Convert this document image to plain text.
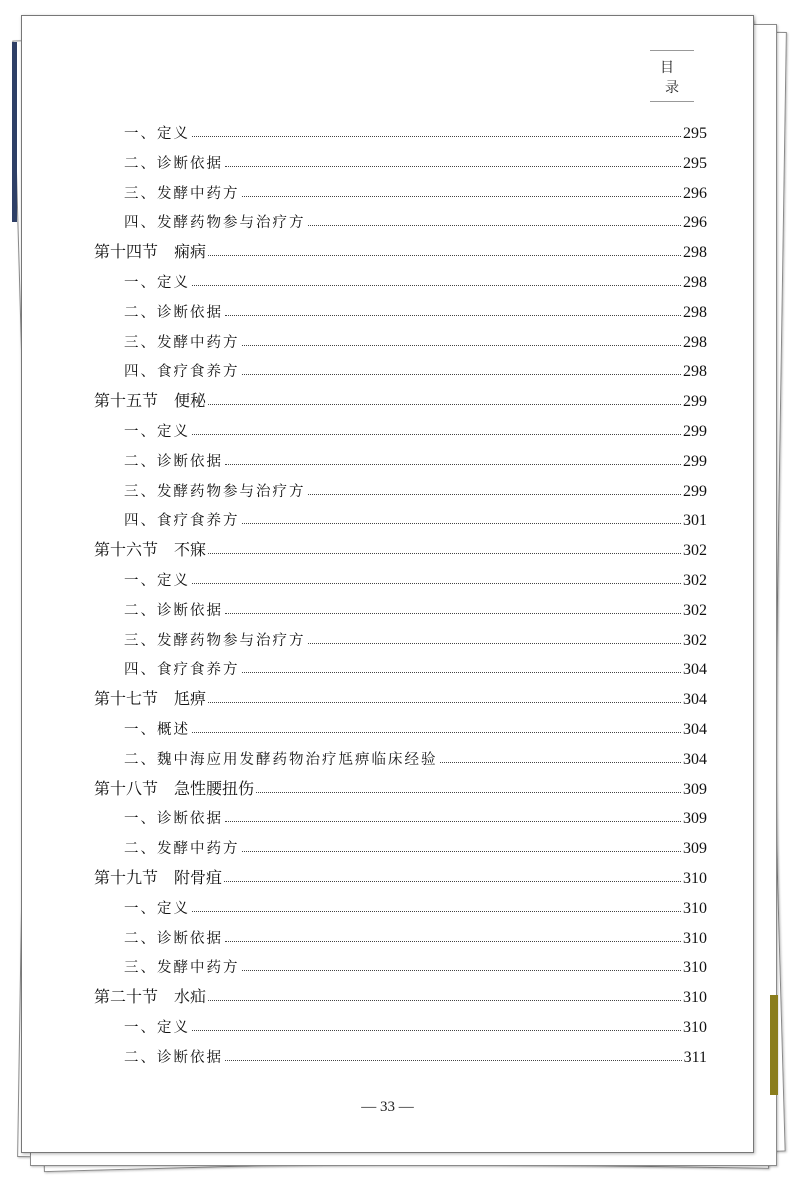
目 录
一、定义	295
二、诊断依据	295
三、发酵中药方	296
四、发酵药物参与治疗方	296
第十四节　痫病	298
一、定义	298
二、诊断依据	298
三、发酵中药方	298
四、食疗食养方	298
第十五节　便秘	299
一、定义	299
二、诊断依据	299
三、发酵药物参与治疗方	299
四、食疗食养方	301
第十六节　不寐	302
一、定义	302
二、诊断依据	302
三、发酵药物参与治疗方	302
四、食疗食养方	304
第十七节　尪痹	304
一、概述	304
二、魏中海应用发酵药物治疗尪痹临床经验	304
第十八节　急性腰扭伤	309
一、诊断依据	309
二、发酵中药方	309
第十九节　附骨疽	310
一、定义	310
二、诊断依据	310
三、发酵中药方	310
第二十节　水疝	310
一、定义	310
二、诊断依据	311
— 33 —
